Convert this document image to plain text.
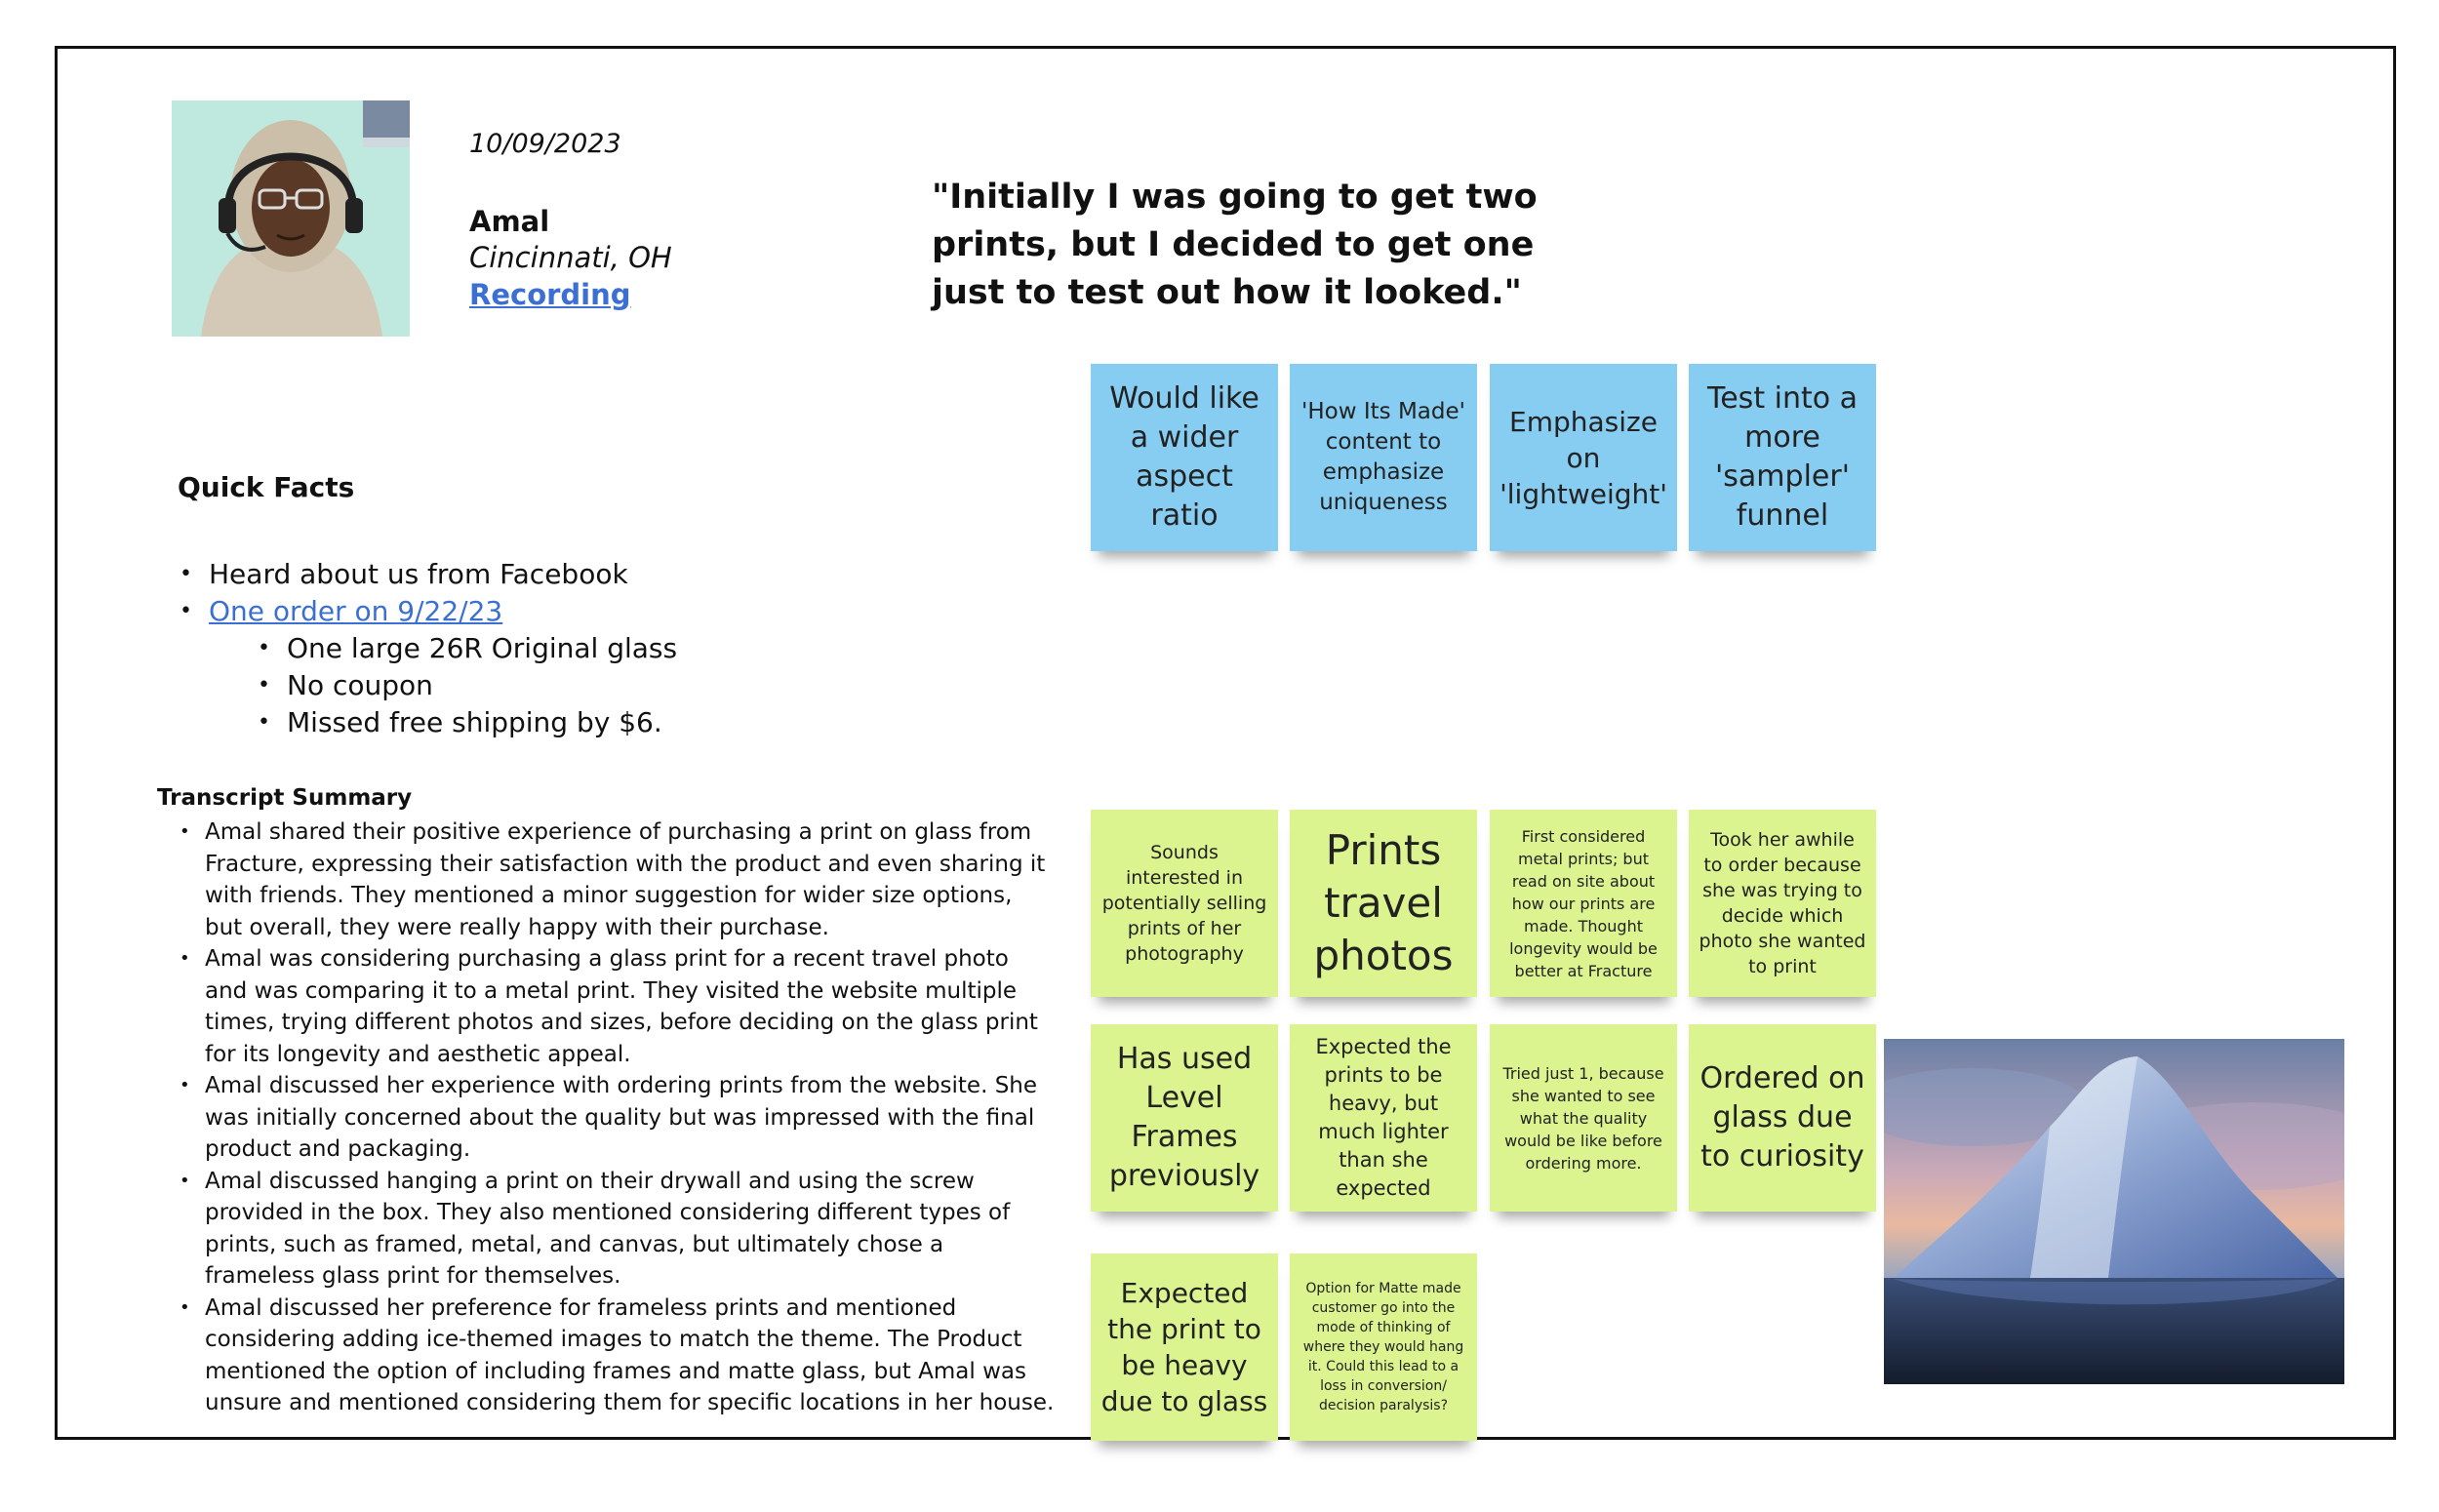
10/09/2023
Amal
Cincinnati, OH
Recording
"Initially I was going to get two prints, but I decided to get one just to test out how it looked."
Quick Facts
• Heard about us from Facebook
• One order on 9/22/23
• One large 26R Original glass
• No coupon
• Missed free shipping by $6.
Transcript Summary
• Amal shared their positive experience of purchasing a print on glass from Fracture, expressing their satisfaction with the product and even sharing it with friends. They mentioned a minor suggestion for wider size options, but overall, they were really happy with their purchase.
• Amal was considering purchasing a glass print for a recent travel photo and was comparing it to a metal print. They visited the website multiple times, trying different photos and sizes, before deciding on the glass print for its longevity and aesthetic appeal.
• Amal discussed her experience with ordering prints from the website. She was initially concerned about the quality but was impressed with the final product and packaging.
• Amal discussed hanging a print on their drywall and using the screw provided in the box. They also mentioned considering different types of prints, such as framed, metal, and canvas, but ultimately chose a frameless glass print for themselves.
• Amal discussed her preference for frameless prints and mentioned considering adding ice-themed images to match the theme. The Product mentioned the option of including frames and matte glass, but Amal was unsure and mentioned considering them for specific locations in her house.
Would like a wider aspect ratio
'How Its Made' content to emphasize uniqueness
Emphasize on 'lightweight'
Test into a more 'sampler' funnel
Sounds interested in potentially selling prints of her photography
Prints travel photos
First considered metal prints; but read on site about how our prints are made. Thought longevity would be better at Fracture
Took her awhile to order because she was trying to decide which photo she wanted to print
Has used Level Frames previously
Expected the prints to be heavy, but much lighter than she expected
Tried just 1, because she wanted to see what the quality would be like before ordering more.
Ordered on glass due to curiosity
Expected the print to be heavy due to glass
Option for Matte made customer go into the mode of thinking of where they would hang it. Could this lead to a loss in conversion/ decision paralysis?
